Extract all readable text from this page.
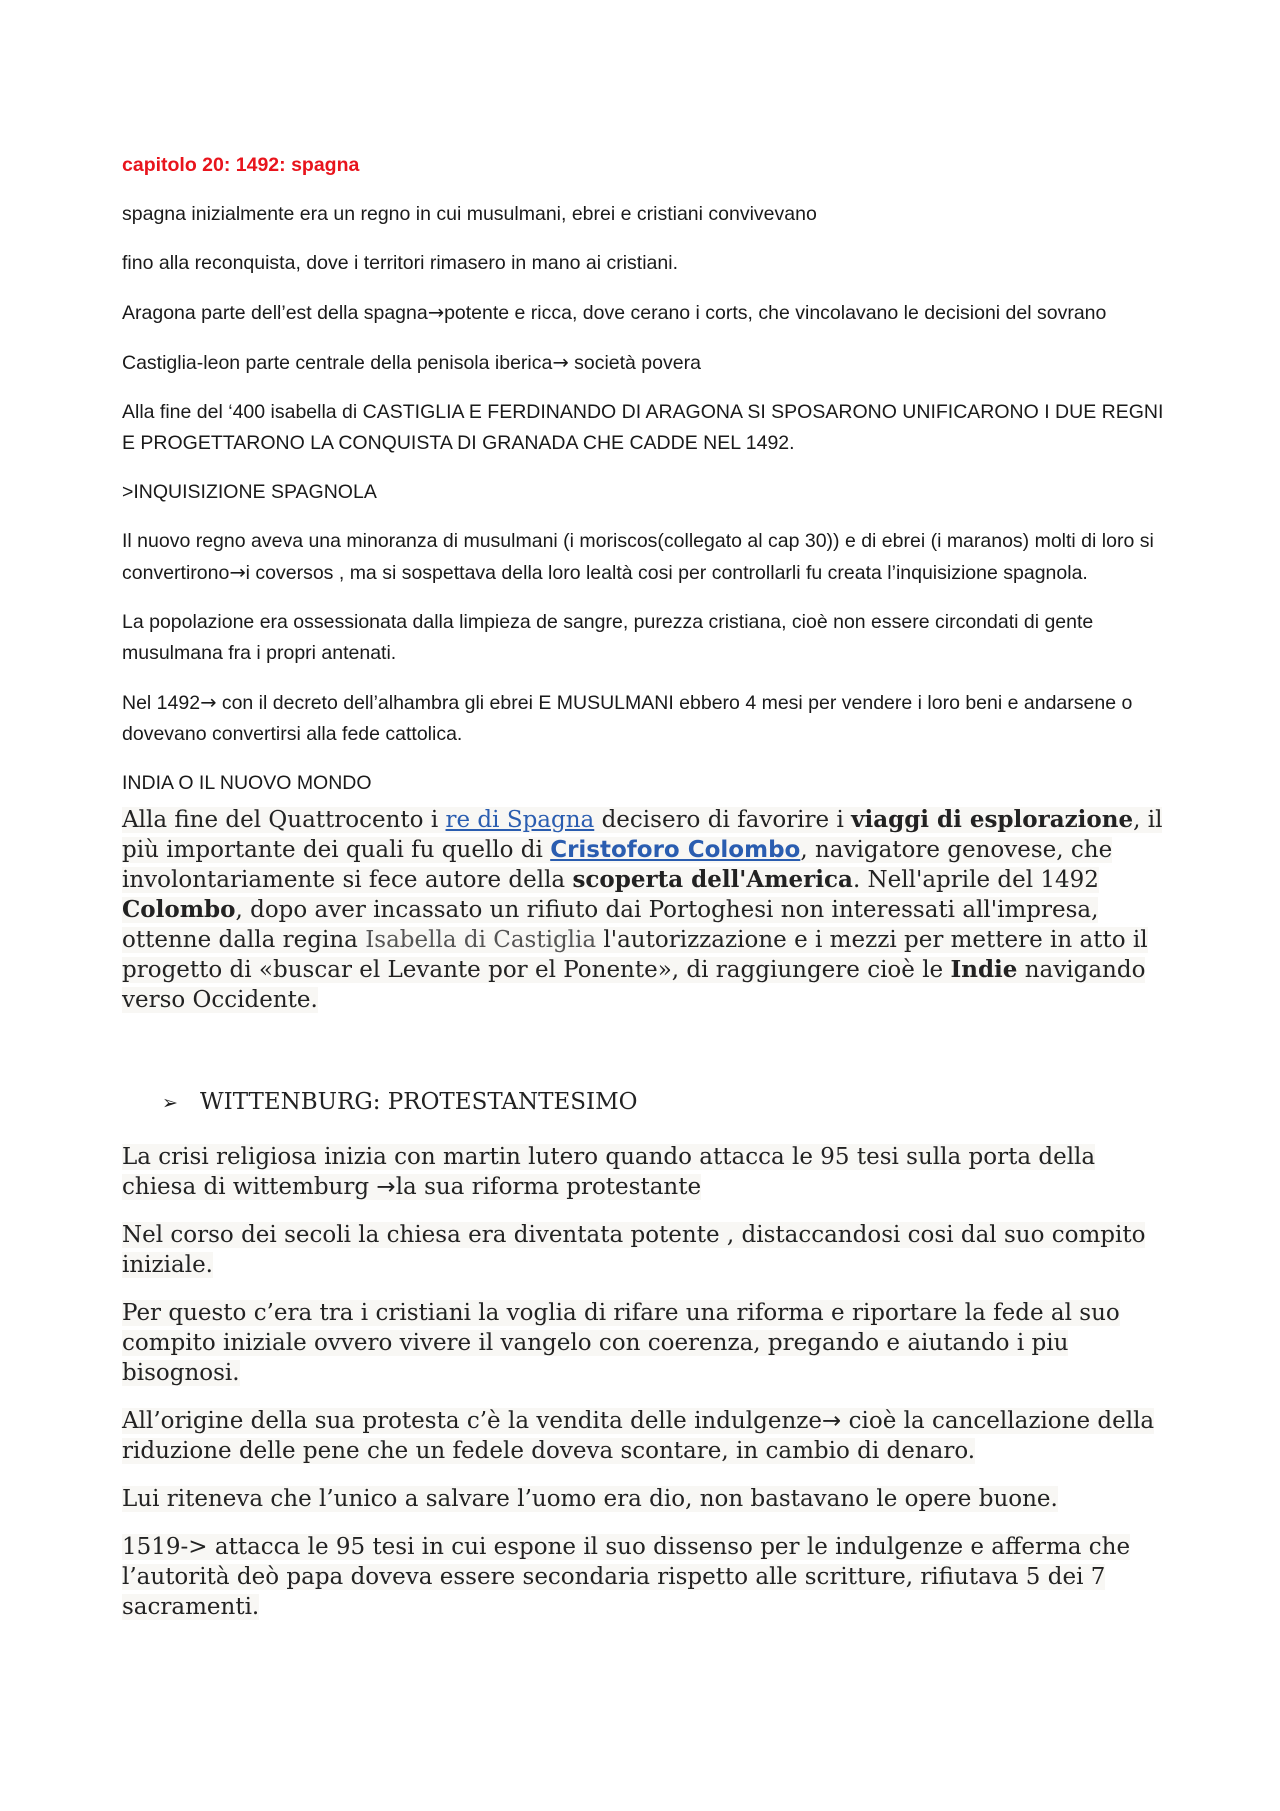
capitolo 20: 1492: spagna

spagna inizialmente era un regno in cui musulmani, ebrei e cristiani convivevano

fino alla reconquista, dove i territori rimasero in mano ai cristiani.

Aragona parte dell’est della spagna→potente e ricca, dove cerano i corts, che vincolavano le decisioni del sovrano

Castiglia-leon parte centrale della penisola iberica→ società povera

Alla fine del ‘400 isabella di CASTIGLIA E FERDINANDO DI ARAGONA SI SPOSARONO UNIFICARONO I DUE REGNI E PROGETTARONO LA CONQUISTA DI GRANADA CHE CADDE NEL 1492.

>INQUISIZIONE SPAGNOLA

Il nuovo regno aveva una minoranza di musulmani (i moriscos(collegato al cap 30)) e di ebrei (i maranos) molti di loro si convertirono→i coversos , ma si sospettava della loro lealtà cosi per controllarli fu creata l’inquisizione spagnola.

La popolazione era ossessionata dalla limpieza de sangre, purezza cristiana, cioè non essere circondati di gente musulmana fra i propri antenati.

Nel 1492→ con il decreto dell’alhambra gli ebrei E MUSULMANI ebbero 4 mesi per vendere i loro beni e andarsene o dovevano convertirsi alla fede cattolica.

INDIA O IL NUOVO MONDO

Alla fine del Quattrocento i re di Spagna decisero di favorire i viaggi di esplorazione, il più importante dei quali fu quello di Cristoforo Colombo, navigatore genovese, che involontariamente si fece autore della scoperta dell'America. Nell'aprile del 1492 Colombo, dopo aver incassato un rifiuto dai Portoghesi non interessati all'impresa, ottenne dalla regina Isabella di Castiglia l'autorizzazione e i mezzi per mettere in atto il progetto di «buscar el Levante por el Ponente», di raggiungere cioè le Indie navigando verso Occidente.

➢ WITTENBURG: PROTESTANTESIMO

La crisi religiosa inizia con martin lutero quando attacca le 95 tesi sulla porta della chiesa di wittemburg →la sua riforma protestante

Nel corso dei secoli la chiesa era diventata potente , distaccandosi cosi dal suo compito iniziale.

Per questo c’era tra i cristiani la voglia di rifare una riforma e riportare la fede al suo compito iniziale ovvero vivere il vangelo con coerenza, pregando e aiutando i piu bisognosi.

All’origine della sua protesta c’è la vendita delle indulgenze→ cioè la cancellazione della riduzione delle pene che un fedele doveva scontare, in cambio di denaro.

Lui riteneva che l’unico a salvare l’uomo era dio, non bastavano le opere buone.

1519-> attacca le 95 tesi in cui espone il suo dissenso per le indulgenze e afferma che l’autorità deò papa doveva essere secondaria rispetto alle scritture, rifiutava 5 dei 7 sacramenti.
